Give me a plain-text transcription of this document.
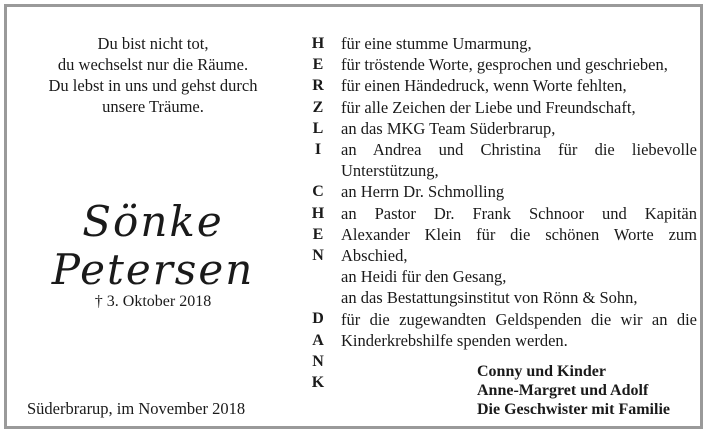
Du bist nicht tot,
du wechselst nur die Räume.
Du lebst in uns und gehst durch
unsere Träume.
Sönke
Petersen
† 3. Oktober 2018
Süderbrarup, im November 2018
H
E
R
Z
L
I
C
H
E
N
D
A
N
K
für eine stumme Umarmung,
für tröstende Worte, gesprochen und geschrieben,
für einen Händedruck, wenn Worte fehlten,
für alle Zeichen der Liebe und Freundschaft,
an das MKG Team Süderbrarup,
an Andrea und Christina für die liebevolle
Unterstützung,
an Herrn Dr. Schmolling
an Pastor Dr. Frank Schnoor und Kapitän
Alexander Klein für die schönen Worte zum
Abschied,
an Heidi für den Gesang,
an das Bestattungsinstitut von Rönn & Sohn,
für die zugewandten Geldspenden die wir an die
Kinderkrebshilfe spenden werden.
Conny und Kinder
Anne-Margret und Adolf
Die Geschwister mit Familie
